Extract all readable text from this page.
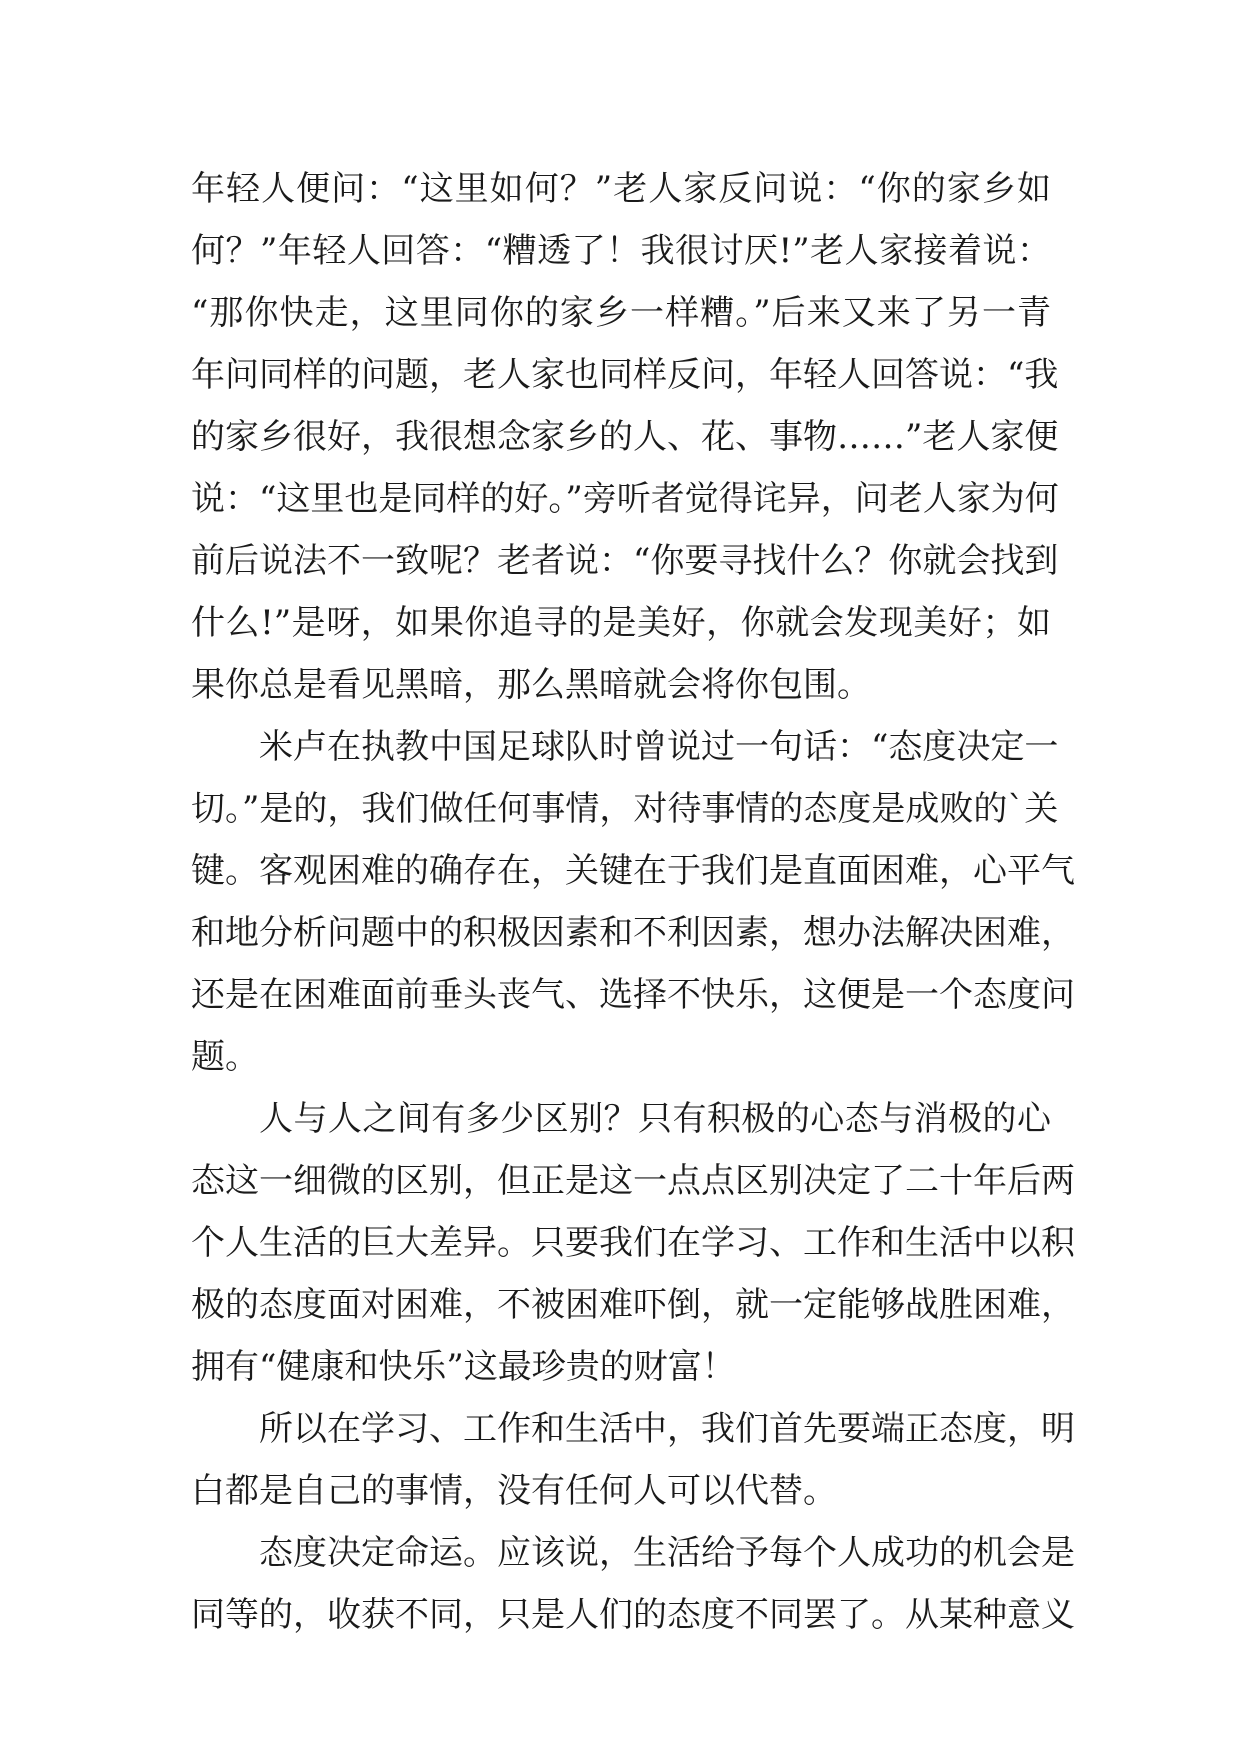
年轻人便问：“这里如何？”老人家反问说：“你的家乡如
何？”年轻人回答：“糟透了！我很讨厌!”老人家接着说：
“那你快走，这里同你的家乡一样糟。”后来又来了另一青
年问同样的问题，老人家也同样反问，年轻人回答说：“我
的家乡很好，我很想念家乡的人、花、事物……”老人家便
说：“这里也是同样的好。”旁听者觉得诧异，问老人家为何
前后说法不一致呢？老者说：“你要寻找什么？你就会找到
什么!”是呀，如果你追寻的是美好，你就会发现美好；如
果你总是看见黑暗，那么黑暗就会将你包围。
米卢在执教中国足球队时曾说过一句话：“态度决定一
切。”是的，我们做任何事情，对待事情的态度是成败的`关
键。客观困难的确存在，关键在于我们是直面困难，心平气
和地分析问题中的积极因素和不利因素，想办法解决困难，
还是在困难面前垂头丧气、选择不快乐，这便是一个态度问
题。
人与人之间有多少区别？只有积极的心态与消极的心
态这一细微的区别，但正是这一点点区别决定了二十年后两
个人生活的巨大差异。只要我们在学习、工作和生活中以积
极的态度面对困难，不被困难吓倒，就一定能够战胜困难，
拥有“健康和快乐”这最珍贵的财富！
所以在学习、工作和生活中，我们首先要端正态度，明
白都是自己的事情，没有任何人可以代替。
态度决定命运。应该说，生活给予每个人成功的机会是
同等的，收获不同，只是人们的态度不同罢了。从某种意义
